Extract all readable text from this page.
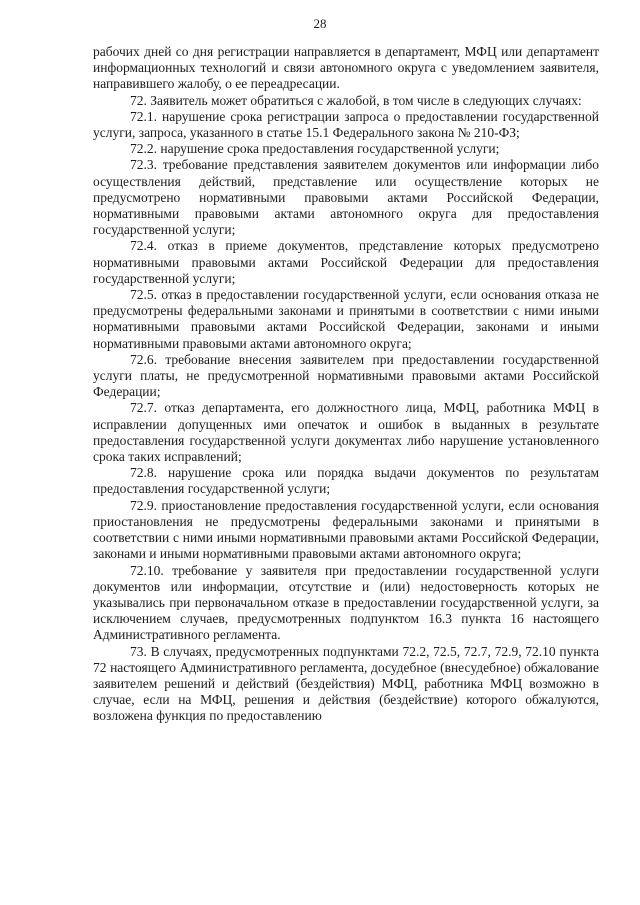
28

рабочих дней со дня регистрации направляется в департамент, МФЦ или департамент информационных технологий и связи автономного округа с уведомлением заявителя, направившего жалобу, о ее переадресации.

72. Заявитель может обратиться с жалобой, в том числе в следующих случаях:

72.1. нарушение срока регистрации запроса о предоставлении государственной услуги, запроса, указанного в статье 15.1 Федерального закона № 210-ФЗ;

72.2. нарушение срока предоставления государственной услуги;

72.3. требование представления заявителем документов или информации либо осуществления действий, представление или осуществление которых не предусмотрено нормативными правовыми актами Российской Федерации, нормативными правовыми актами автономного округа для предоставления государственной услуги;

72.4. отказ в приеме документов, представление которых предусмотрено нормативными правовыми актами Российской Федерации для предоставления государственной услуги;

72.5. отказ в предоставлении государственной услуги, если основания отказа не предусмотрены федеральными законами и принятыми в соответствии с ними иными нормативными правовыми актами Российской Федерации, законами и иными нормативными правовыми актами автономного округа;

72.6. требование внесения заявителем при предоставлении государственной услуги платы, не предусмотренной нормативными правовыми актами Российской Федерации;

72.7. отказ департамента, его должностного лица, МФЦ, работника МФЦ в исправлении допущенных ими опечаток и ошибок в выданных в результате предоставления государственной услуги документах либо нарушение установленного срока таких исправлений;

72.8. нарушение срока или порядка выдачи документов по результатам предоставления государственной услуги;

72.9. приостановление предоставления государственной услуги, если основания приостановления не предусмотрены федеральными законами и принятыми в соответствии с ними иными нормативными правовыми актами Российской Федерации, законами и иными нормативными правовыми актами автономного округа;

72.10. требование у заявителя при предоставлении государственной услуги документов или информации, отсутствие и (или) недостоверность которых не указывались при первоначальном отказе в предоставлении государственной услуги, за исключением случаев, предусмотренных подпунктом 16.3 пункта 16 настоящего Административного регламента.

73. В случаях, предусмотренных подпунктами 72.2, 72.5, 72.7, 72.9, 72.10 пункта 72 настоящего Административного регламента, досудебное (внесудебное) обжалование заявителем решений и действий (бездействия) МФЦ, работника МФЦ возможно в случае, если на МФЦ, решения и действия (бездействие) которого обжалуются, возложена функция по предоставлению
